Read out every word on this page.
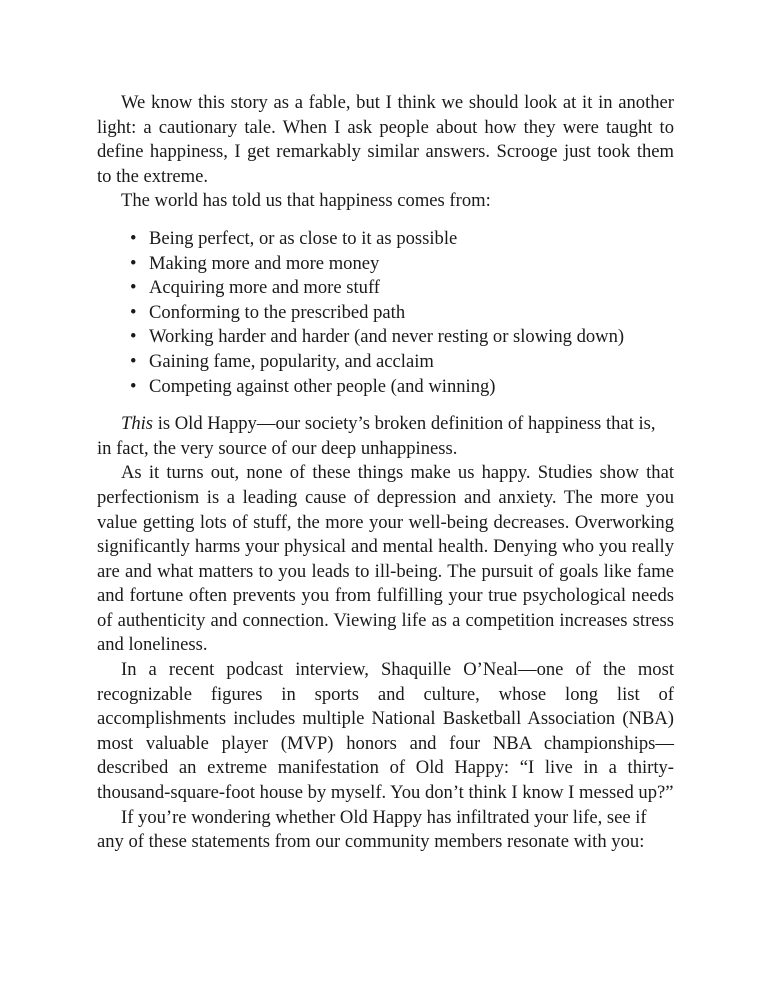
We know this story as a fable, but I think we should look at it in another light: a cautionary tale. When I ask people about how they were taught to define happiness, I get remarkably similar answers. Scrooge just took them to the extreme.

The world has told us that happiness comes from:

• Being perfect, or as close to it as possible
• Making more and more money
• Acquiring more and more stuff
• Conforming to the prescribed path
• Working harder and harder (and never resting or slowing down)
• Gaining fame, popularity, and acclaim
• Competing against other people (and winning)

This is Old Happy—our society’s broken definition of happiness that is, in fact, the very source of our deep unhappiness.

As it turns out, none of these things make us happy. Studies show that perfectionism is a leading cause of depression and anxiety. The more you value getting lots of stuff, the more your well-being decreases. Overworking significantly harms your physical and mental health. Denying who you really are and what matters to you leads to ill-being. The pursuit of goals like fame and fortune often prevents you from fulfilling your true psychological needs of authenticity and connection. Viewing life as a competition increases stress and loneliness.

In a recent podcast interview, Shaquille O’Neal—one of the most recognizable figures in sports and culture, whose long list of accomplishments includes multiple National Basketball Association (NBA) most valuable player (MVP) honors and four NBA championships—described an extreme manifestation of Old Happy: “I live in a thirty-thousand-square-foot house by myself. You don’t think I know I messed up?”

If you’re wondering whether Old Happy has infiltrated your life, see if any of these statements from our community members resonate with you:
